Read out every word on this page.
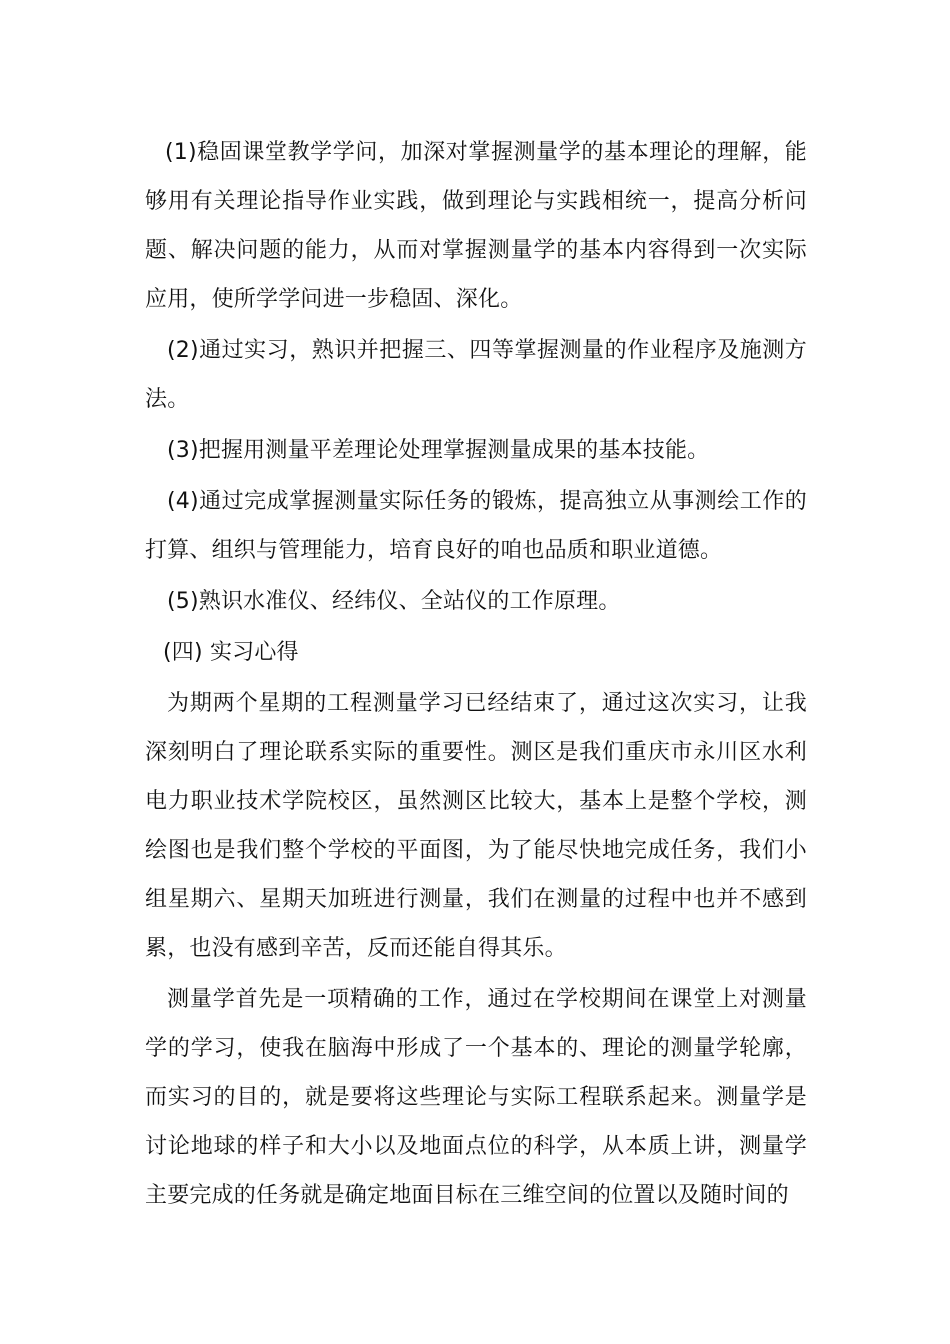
(1)稳固课堂教学学问，加深对掌握测量学的基本理论的理解，能够用有关理论指导作业实践，做到理论与实践相统一，提高分析问题、解决问题的能力，从而对掌握测量学的基本内容得到一次实际应用，使所学学问进一步稳固、深化。

(2)通过实习，熟识并把握三、四等掌握测量的作业程序及施测方法。

(3)把握用测量平差理论处理掌握测量成果的基本技能。

(4)通过完成掌握测量实际任务的锻炼，提高独立从事测绘工作的打算、组织与管理能力，培育良好的咱也品质和职业道德。

(5)熟识水准仪、经纬仪、全站仪的工作原理。

(四) 实习心得

为期两个星期的工程测量学习已经结束了，通过这次实习，让我深刻明白了理论联系实际的重要性。测区是我们重庆市永川区水利电力职业技术学院校区，虽然测区比较大，基本上是整个学校，测绘图也是我们整个学校的平面图，为了能尽快地完成任务，我们小组星期六、星期天加班进行测量，我们在测量的过程中也并不感到累，也没有感到辛苦，反而还能自得其乐。

测量学首先是一项精确的工作，通过在学校期间在课堂上对测量学的学习，使我在脑海中形成了一个基本的、理论的测量学轮廓，而实习的目的，就是要将这些理论与实际工程联系起来。测量学是讨论地球的样子和大小以及地面点位的科学，从本质上讲，测量学主要完成的任务就是确定地面目标在三维空间的位置以及随时间的
